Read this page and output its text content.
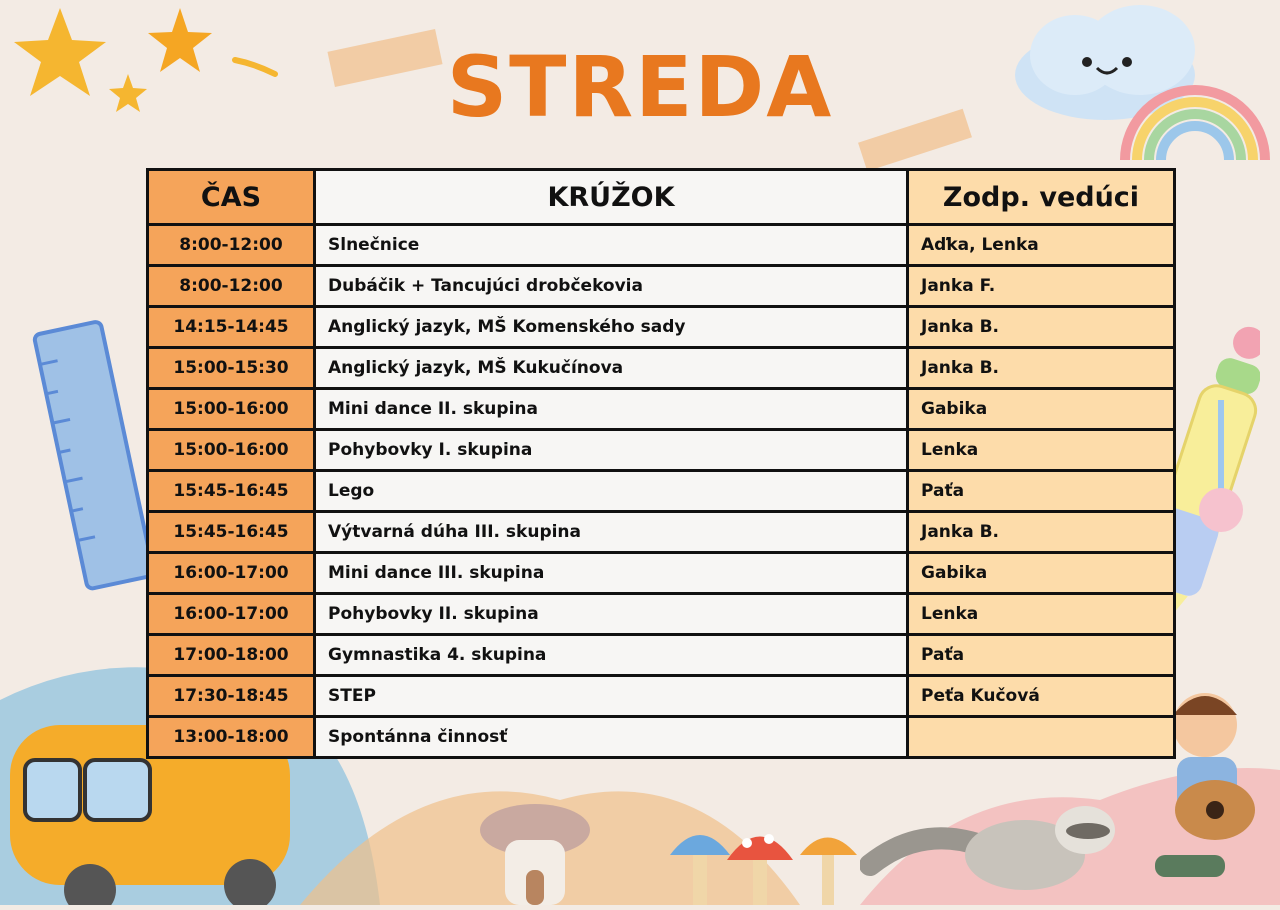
STREDA
ČAS	KRÚŽOK	Zodp. vedúci
8:00-12:00	Slnečnice	Aďka, Lenka
8:00-12:00	Dubáčik + Tancujúci drobčekovia	Janka F.
14:15-14:45	Anglický jazyk, MŠ Komenského sady	Janka B.
15:00-15:30	Anglický jazyk, MŠ Kukučínova	Janka B.
15:00-16:00	Mini dance II. skupina	Gabika
15:00-16:00	Pohybovky I. skupina	Lenka
15:45-16:45	Lego	Paťa
15:45-16:45	Výtvarná dúha III. skupina	Janka B.
16:00-17:00	Mini dance III. skupina	Gabika
16:00-17:00	Pohybovky II. skupina	Lenka
17:00-18:00	Gymnastika 4. skupina	Paťa
17:30-18:45	STEP	Peťa Kučová
13:00-18:00	Spontánna činnosť	
